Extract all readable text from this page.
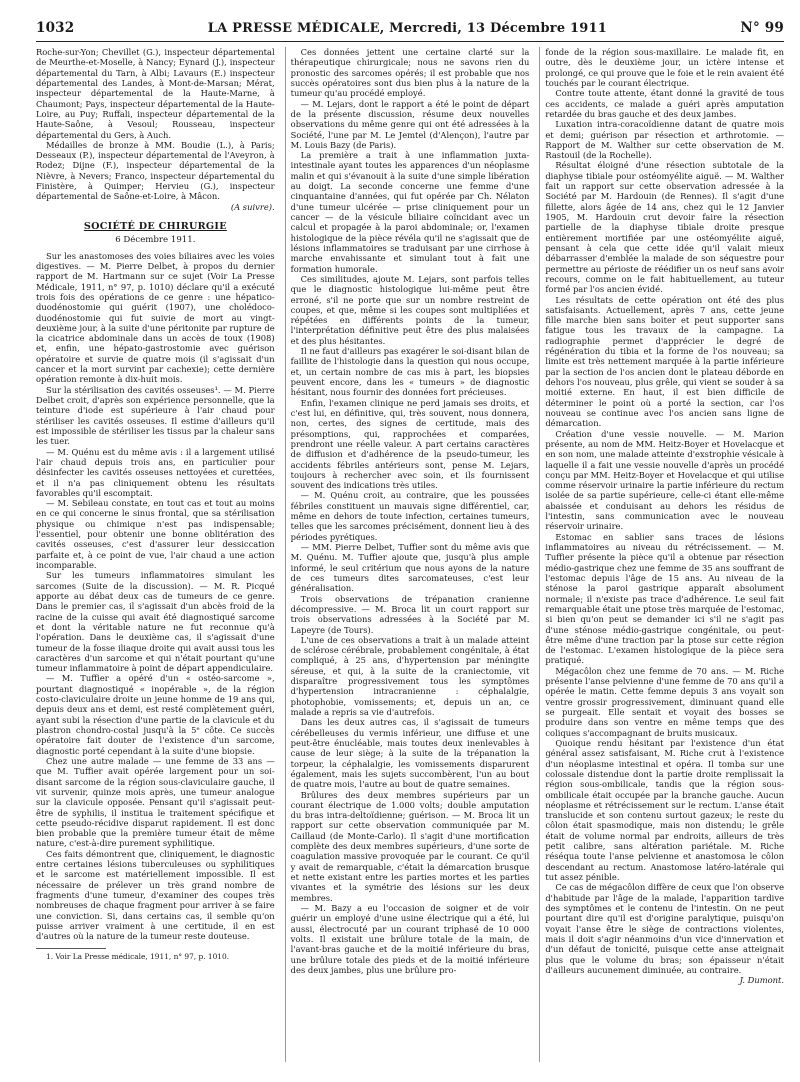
1032	LA PRESSE MÉDICALE, Mercredi, 13 Décembre 1911	N° 99

Roche-sur-Yon; Chevillet (G.), inspecteur départemental de Meurthe-et-Moselle, à Nancy; Eynard (J.), inspecteur départemental du Tarn, à Albi; Lavaurs (E.) inspecteur départemental des Landes, à Mont-de-Marsan; Mérat, inspecteur départemental de la Haute-Marne, à Chaumont; Pays, inspecteur départemental de la Haute-Loire, au Puy; Ruffali, inspecteur départemental de la Haute-Saône, à Vesoul; Rousseau, inspecteur départemental du Gers, à Auch.

Médailles de bronze à MM. Boudie (L.), à Paris; Desseaux (P.), inspecteur départemental de l'Aveyron, à Rodez; Dijne (F.), inspecteur départemental de la Nièvre, à Nevers; Franco, inspecteur départemental du Finistère, à Quimper; Hervieu (G.), inspecteur départemental de Saône-et-Loire, à Mâcon.

(A suivre).

SOCIÉTÉ DE CHIRURGIE
6 Décembre 1911.

Sur les anastomoses des voies biliaires avec les voies digestives. — M. Pierre Delbet, à propos du dernier rapport de M. Hartmann sur ce sujet (Voir La Presse Médicale, 1911, n° 97, p. 1010) déclare qu'il a exécuté trois fois des opérations de ce genre : une hépatico-duodénostomie qui guérit (1907), une cholédoco-duodénostomie qui fut suivie de mort au vingt-deuxième jour, à la suite d'une péritonite par rupture de la cicatrice abdominale dans un accès de toux (1908) et, enfin, une hépato-gastrostomie avec guérison opératoire et survie de quatre mois (il s'agissait d'un cancer et la mort survint par cachexie); cette dernière opération remonte à dix-huit mois.

Sur la stérilisation des cavités osseuses¹. — M. Pierre Delbet croit, d'après son expérience personnelle, que la teinture d'iode est supérieure à l'air chaud pour stériliser les cavités osseuses. Il estime d'ailleurs qu'il est impossible de stériliser les tissus par la chaleur sans les tuer.

— M. Quénu est du même avis : il a largement utilisé l'air chaud depuis trois ans, en particulier pour désinfecter les cavités osseuses nettoyées et curettées, et il n'a pas cliniquement obtenu les résultats favorables qu'il escomptait.

— M. Sebileau constate, en tout cas et tout au moins en ce qui concerne le sinus frontal, que sa stérilisation physique ou chimique n'est pas indispensable; l'essentiel, pour obtenir une bonne oblitération des cavités osseuses, c'est d'assurer leur dessiccation parfaite et, à ce point de vue, l'air chaud a une action incomparable.

Sur les tumeurs inflammatoires simulant les sarcomes (Suite de la discussion). — M. R. Picqué apporte au débat deux cas de tumeurs de ce genre. Dans le premier cas, il s'agissait d'un abcès froid de la racine de la cuisse qui avait été diagnostiqué sarcome et dont la véritable nature ne fut reconnue qu'à l'opération. Dans le deuxième cas, il s'agissait d'une tumeur de la fosse iliaque droite qui avait aussi tous les caractères d'un sarcome et qui n'était pourtant qu'une tumeur inflammatoire à point de départ appendiculaire.

— M. Tuffier a opéré d'un « ostéo-sarcome », pourtant diagnostiqué « inopérable », de la région costo-claviculaire droite un jeune homme de 19 ans qui, depuis deux ans et demi, est resté complètement guéri, ayant subi la résection d'une partie de la clavicule et du plastron chondro-costal jusqu'à la 5ᵉ côte. Ce succès opératoire fait douter de l'existence d'un sarcome, diagnostic porté cependant à la suite d'une biopsie.

Chez une autre malade — une femme de 33 ans — que M. Tuffier avait opérée largement pour un soi-disant sarcome de la région sous-claviculaire gauche, il vit survenir, quinze mois après, une tumeur analogue sur la clavicule opposée. Pensant qu'il s'agissait peut-être de syphilis, il institua le traitement spécifique et cette pseudo-récidive disparut rapidement. Il est donc bien probable que la première tumeur était de même nature, c'est-à-dire purement syphilitique.

Ces faits démontrent que, cliniquement, le diagnostic entre certaines lésions tuberculeuses ou syphilitiques et le sarcome est matériellement impossible. Il est nécessaire de prélever un très grand nombre de fragments d'une tumeur, d'examiner des coupes très nombreuses de chaque fragment pour arriver à se faire une conviction. Si, dans certains cas, il semble qu'on puisse arriver vraiment à une certitude, il en est d'autres où la nature de la tumeur reste douteuse.

1. Voir La Presse médicale, 1911, n° 97, p. 1010.

Ces données jettent une certaine clarté sur la thérapeutique chirurgicale; nous ne savons rien du pronostic des sarcomes opérés; il est probable que nos succès opératoires sont dus bien plus à la nature de la tumeur qu'au procédé employé.

— M. Lejars, dont le rapport a été le point de départ de la présente discussion, résume deux nouvelles observations du même genre qui ont été adressées à la Société, l'une par M. Le Jemtel (d'Alençon), l'autre par M. Louis Bazy (de Paris).

La première a trait à une inflammation juxta-intestinale ayant toutes les apparences d'un néoplasme malin et qui s'évanouit à la suite d'une simple libération au doigt. La seconde concerne une femme d'une cinquantaine d'années, qui fut opérée par Ch. Nélaton d'une tumeur ulcérée — prise cliniquement pour un cancer — de la vésicule biliaire coïncidant avec un calcul et propagée à la paroi abdominale; or, l'examen histologique de la pièce révéla qu'il ne s'agissait que de lésions inflammatoires se traduisant par une cirrhose à marche envahissante et simulant tout à fait une formation humorale.

Ces similitudes, ajoute M. Lejars, sont parfois telles que le diagnostic histologique lui-même peut être erroné, s'il ne porte que sur un nombre restreint de coupes, et que, même si les coupes sont multipliées et répétées en différents points de la tumeur, l'interprétation définitive peut être des plus malaisées et des plus hésitantes.

Il ne faut d'ailleurs pas exagérer le soi-disant bilan de faillite de l'histologie dans la question qui nous occupe, et, un certain nombre de cas mis à part, les biopsies peuvent encore, dans les « tumeurs » de diagnostic hésitant, nous fournir des données fort précieuses.

Enfin, l'examen clinique ne perd jamais ses droits, et c'est lui, en définitive, qui, très souvent, nous donnera, non, certes, des signes de certitude, mais des présomptions, qui, rapprochées et comparées, prendront une réelle valeur. A part certains caractères de diffusion et d'adhérence de la pseudo-tumeur, les accidents fébriles antérieurs sont, pense M. Lejars, toujours à rechercher avec soin, et ils fournissent souvent des indications très utiles.

— M. Quénu croit, au contraire, que les poussées fébriles constituent un mauvais signe différentiel, car, même en dehors de toute infection, certaines tumeurs, telles que les sarcomes précisément, donnent lieu à des périodes pyrétiques.

— MM. Pierre Delbet, Tuffier sont du même avis que M. Quénu. M. Tuffier ajoute que, jusqu'à plus ample informé, le seul critérium que nous ayons de la nature de ces tumeurs dites sarcomateuses, c'est leur généralisation.

Trois observations de trépanation cranienne décompressive. — M. Broca lit un court rapport sur trois observations adressées à la Société par M. Lapeyre (de Tours).

L'une de ces observations a trait à un malade atteint de sclérose cérébrale, probablement congénitale, à état compliqué, à 25 ans, d'hypertension par méningite séreuse, et qui, à la suite de la craniectomie, vit disparaître progressivement tous les symptômes d'hypertension intracranienne : céphalalgie, photophobie, vomissements; et, depuis un an, ce malade a repris sa vie d'autrefois.

Dans les deux autres cas, il s'agissait de tumeurs cérébelleuses du vermis inférieur, une diffuse et une peut-être énucléable, mais toutes deux inenlevables à cause de leur siège; à la suite de la trépanation la torpeur, la céphalalgie, les vomissements disparurent également, mais les sujets succombèrent, l'un au bout de quatre mois, l'autre au bout de quatre semaines.

Brûlures des deux membres supérieurs par un courant électrique de 1.000 volts; double amputation du bras intra-deltoïdienne; guérison. — M. Broca lit un rapport sur cette observation communiquée par M. Caillaud (de Monte-Carlo). Il s'agit d'une mortification complète des deux membres supérieurs, d'une sorte de coagulation massive provoquée par le courant. Ce qu'il y avait de remarquable, c'était la démarcation brusque et nette existant entre les parties mortes et les parties vivantes et la symétrie des lésions sur les deux membres.

— M. Bazy a eu l'occasion de soigner et de voir guérir un employé d'une usine électrique qui a été, lui aussi, électrocuté par un courant triphasé de 10 000 volts. Il existait une brûlure totale de la main, de l'avant-bras gauche et de la moitié inférieure du bras, une brûlure totale des pieds et de la moitié inférieure des deux jambes, plus une brûlure pro-

fonde de la région sous-maxillaire. Le malade fit, en outre, dès le deuxième jour, un ictère intense et prolongé, ce qui prouve que le foie et le rein avaient été touchés par le courant électrique.

Contre toute attente, étant donné la gravité de tous ces accidents, ce malade a guéri après amputation retardée du bras gauche et des deux jambes.

Luxation intra-coracoïdienne datant de quatre mois et demi; guérison par résection et arthrotomie. — Rapport de M. Walther sur cette observation de M. Rastouil (de la Rochelle).

Résultat éloigné d'une résection subtotale de la diaphyse tibiale pour ostéomyélite aiguë. — M. Walther fait un rapport sur cette observation adressée à la Société par M. Hardouin (de Rennes). Il s'agit d'une fillette, alors âgée de 14 ans, chez qui le 12 Janvier 1905, M. Hardouin crut devoir faire la résection partielle de la diaphyse tibiale droite presque entièrement mortifiée par une ostéomyélite aiguë, pensant à cela que cette idée qu'il valait mieux débarrasser d'emblée la malade de son séquestre pour permettre au périoste de réédifier un os neuf sans avoir recours, comme on le fait habituellement, au tuteur formé par l'os ancien évidé.

Les résultats de cette opération ont été des plus satisfaisants. Actuellement, après 7 ans, cette jeune fille marche bien sans boiter et peut supporter sans fatigue tous les travaux de la campagne. La radiographie permet d'apprécier le degré de régénération du tibia et la forme de l'os nouveau; sa limite est très nettement marquée à la partie inférieure par la section de l'os ancien dont le plateau déborde en dehors l'os nouveau, plus grêle, qui vient se souder à sa moitié externe. En haut, il est bien difficile de déterminer le point où a porté la section, car l'os nouveau se continue avec l'os ancien sans ligne de démarcation.

Création d'une vessie nouvelle. — M. Marion présente, au nom de MM. Heitz-Boyer et Hovelacque et en son nom, une malade atteinte d'exstrophie vésicale à laquelle il a fait une vessie nouvelle d'après un procédé conçu par MM. Heitz-Boyer et Hovelacque et qui utilise comme réservoir urinaire la partie inférieure du rectum isolée de sa partie supérieure, celle-ci étant elle-même abaissée et conduisant au dehors les résidus de l'intestin, sans communication avec le nouveau réservoir urinaire.

Estomac en sablier sans traces de lésions inflammatoires au niveau du rétrécissement. — M. Tuffier présente la pièce qu'il a obtenue par résection médio-gastrique chez une femme de 35 ans souffrant de l'estomac depuis l'âge de 15 ans. Au niveau de la sténose la paroi gastrique apparaît absolument normale; il n'existe pas trace d'adhérence. Le seul fait remarquable était une ptose très marquée de l'estomac, si bien qu'on peut se demander ici s'il ne s'agit pas d'une sténose médio-gastrique congénitale, ou peut-être même d'une traction par la ptose sur cette région de l'estomac. L'examen histologique de la pièce sera pratiqué.

Mégacôlon chez une femme de 70 ans. — M. Riche présente l'anse pelvienne d'une femme de 70 ans qu'il a opérée le matin. Cette femme depuis 3 ans voyait son ventre grossir progressivement, diminuant quand elle se purgeait. Elle sentait et voyait des bosses se produire dans son ventre en même temps que des coliques s'accompagnant de bruits musicaux.

Quoique rendu hésitant par l'existence d'un état général assez satisfaisant, M. Riche crut à l'existence d'un néoplasme intestinal et opéra. Il tomba sur une colossale distendue dont la partie droite remplissait la région sous-ombilicale, tandis que la région sous-ombilicale était occupée par la branche gauche. Aucun néoplasme et rétrécissement sur le rectum. L'anse était translucide et son contenu surtout gazeux; le reste du côlon était spasmodique, mais non distendu; le grêle était de volume normal par endroits, ailleurs de très petit calibre, sans altération pariétale. M. Riche réséqua toute l'anse pelvienne et anastomosa le côlon descendant au rectum. Anastomose latéro-latérale qui tut assez pénible.

Ce cas de mégacôlon diffère de ceux que l'on observe d'habitude par l'âge de la malade, l'apparition tardive des symptômes et le contenu de l'intestin. On ne peut pourtant dire qu'il est d'origine paralytique, puisqu'on voyait l'anse être le siège de contractions violentes, mais il doit s'agir néanmoins d'un vice d'innervation et d'un défaut de tonicité, puisque cette anse atteignait plus que le volume du bras; son épaisseur n'était d'ailleurs aucunement diminuée, au contraire.

J. Dumont.
